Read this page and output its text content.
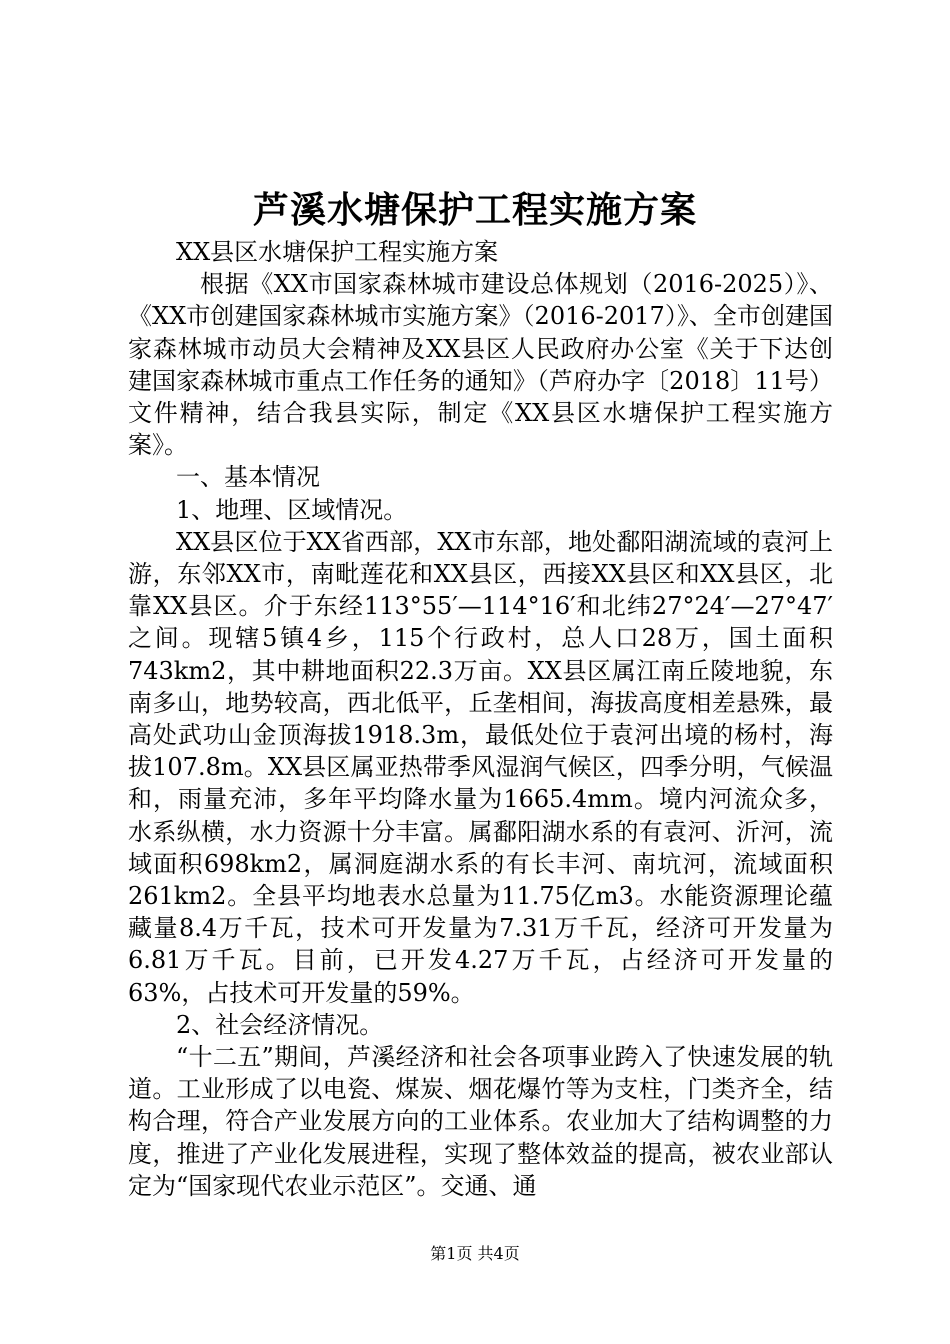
芦溪水塘保护工程实施方案

XX县区水塘保护工程实施方案

根据《XX市国家森林城市建设总体规划（2016-2025）》、《XX市创建国家森林城市实施方案》（2016-2017）》、全市创建国家森林城市动员大会精神及XX县区人民政府办公室《关于下达创建国家森林城市重点工作任务的通知》（芦府办字〔2018〕11号）文件精神，结合我县实际，制定《XX县区水塘保护工程实施方案》。

一、基本情况

1、地理、区域情况。

XX县区位于XX省西部，XX市东部，地处鄱阳湖流域的袁河上游，东邻XX市，南毗莲花和XX县区，西接XX县区和XX县区，北靠XX县区。介于东经113°55′—114°16′和北纬27°24′—27°47′之间。现辖5镇4乡，115个行政村，总人口28万，国土面积743km2，其中耕地面积22.3万亩。XX县区属江南丘陵地貌，东南多山，地势较高，西北低平，丘垄相间，海拔高度相差悬殊，最高处武功山金顶海拔1918.3m，最低处位于袁河出境的杨村，海拔107.8m。XX县区属亚热带季风湿润气候区，四季分明，气候温和，雨量充沛，多年平均降水量为1665.4mm。境内河流众多，水系纵横，水力资源十分丰富。属鄱阳湖水系的有袁河、沂河，流域面积698km2，属洞庭湖水系的有长丰河、南坑河，流域面积261km2。全县平均地表水总量为11.75亿m3。水能资源理论蕴藏量8.4万千瓦，技术可开发量为7.31万千瓦，经济可开发量为6.81万千瓦。目前，已开发4.27万千瓦，占经济可开发量的63%，占技术可开发量的59%。

2、社会经济情况。

“十二五”期间，芦溪经济和社会各项事业跨入了快速发展的轨道。工业形成了以电瓷、煤炭、烟花爆竹等为支柱，门类齐全，结构合理，符合产业发展方向的工业体系。农业加大了结构调整的力度，推进了产业化发展进程，实现了整体效益的提高，被农业部认定为“国家现代农业示范区”。交通、通

第1页 共4页
